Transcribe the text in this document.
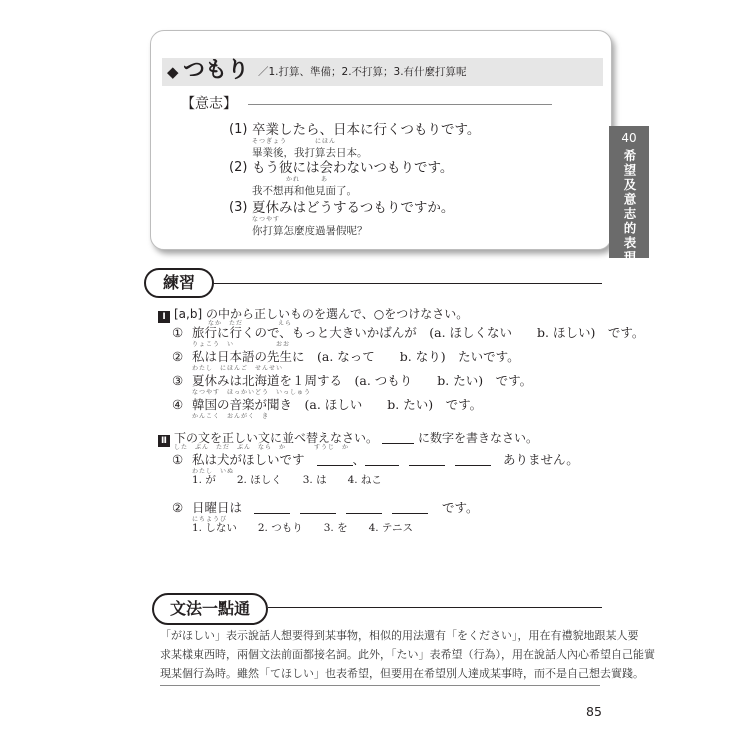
◆ つもり ／1.打算、準備；2.不打算；3.有什麼打算呢
【意志】
(1) 卒業したら、日本に行くつもりです。
そつぎょう　　　　にほん
畢業後，我打算去日本。
(2) もう彼には会わないつもりです。
かれ　　　あ
我不想再和他見面了。
(3) 夏休みはどうするつもりですか。
なつやす
你打算怎麼度過暑假呢？
40
希望及意志的表現
練習
Ⅰ [a,b] の中から正しいものを選んで、○をつけなさい。
なか　ただ　　　　　えら
① 旅行に行くので、もっと大きいかばんが　(a. ほしくない　　b. ほしい)　です。
りょこう　い　　　　　　おお
② 私は日本語の先生に　(a. なって　　b. なり)　たいです。
わたし　にほんご　せんせい
③ 夏休みは北海道を１周する　(a. つもり　　b. たい)　です。
なつやす　ほっかいどう　いっしゅう
④ 韓国の音楽が聞き　(a. ほしい　　b. たい)　です。
かんこく　おんがく　き
Ⅱ 下の文を正しい文に並べ替えなさい。	に数字を書きなさい。
した　ぶん　ただ　ぶん　なら　か　　　　すうじ　か
① 私は犬がほしいです	、	ありません。
わたし　いぬ
1. が　　2. ほしく　　3. は　　4. ねこ
② 日曜日は	です。
にちようび
1. しない　　2. つもり　　3. を　　4. テニス
文法一點通
「がほしい」表示說話人想要得到某事物，相似的用法還有「をください」，用在有禮貌地跟某人要
求某樣東西時，兩個文法前面都接名詞。此外，「たい」表希望（行為），用在說話人內心希望自己能實
現某個行為時。雖然「てほしい」也表希望，但要用在希望別人達成某事時，而不是自己想去實踐。
85
